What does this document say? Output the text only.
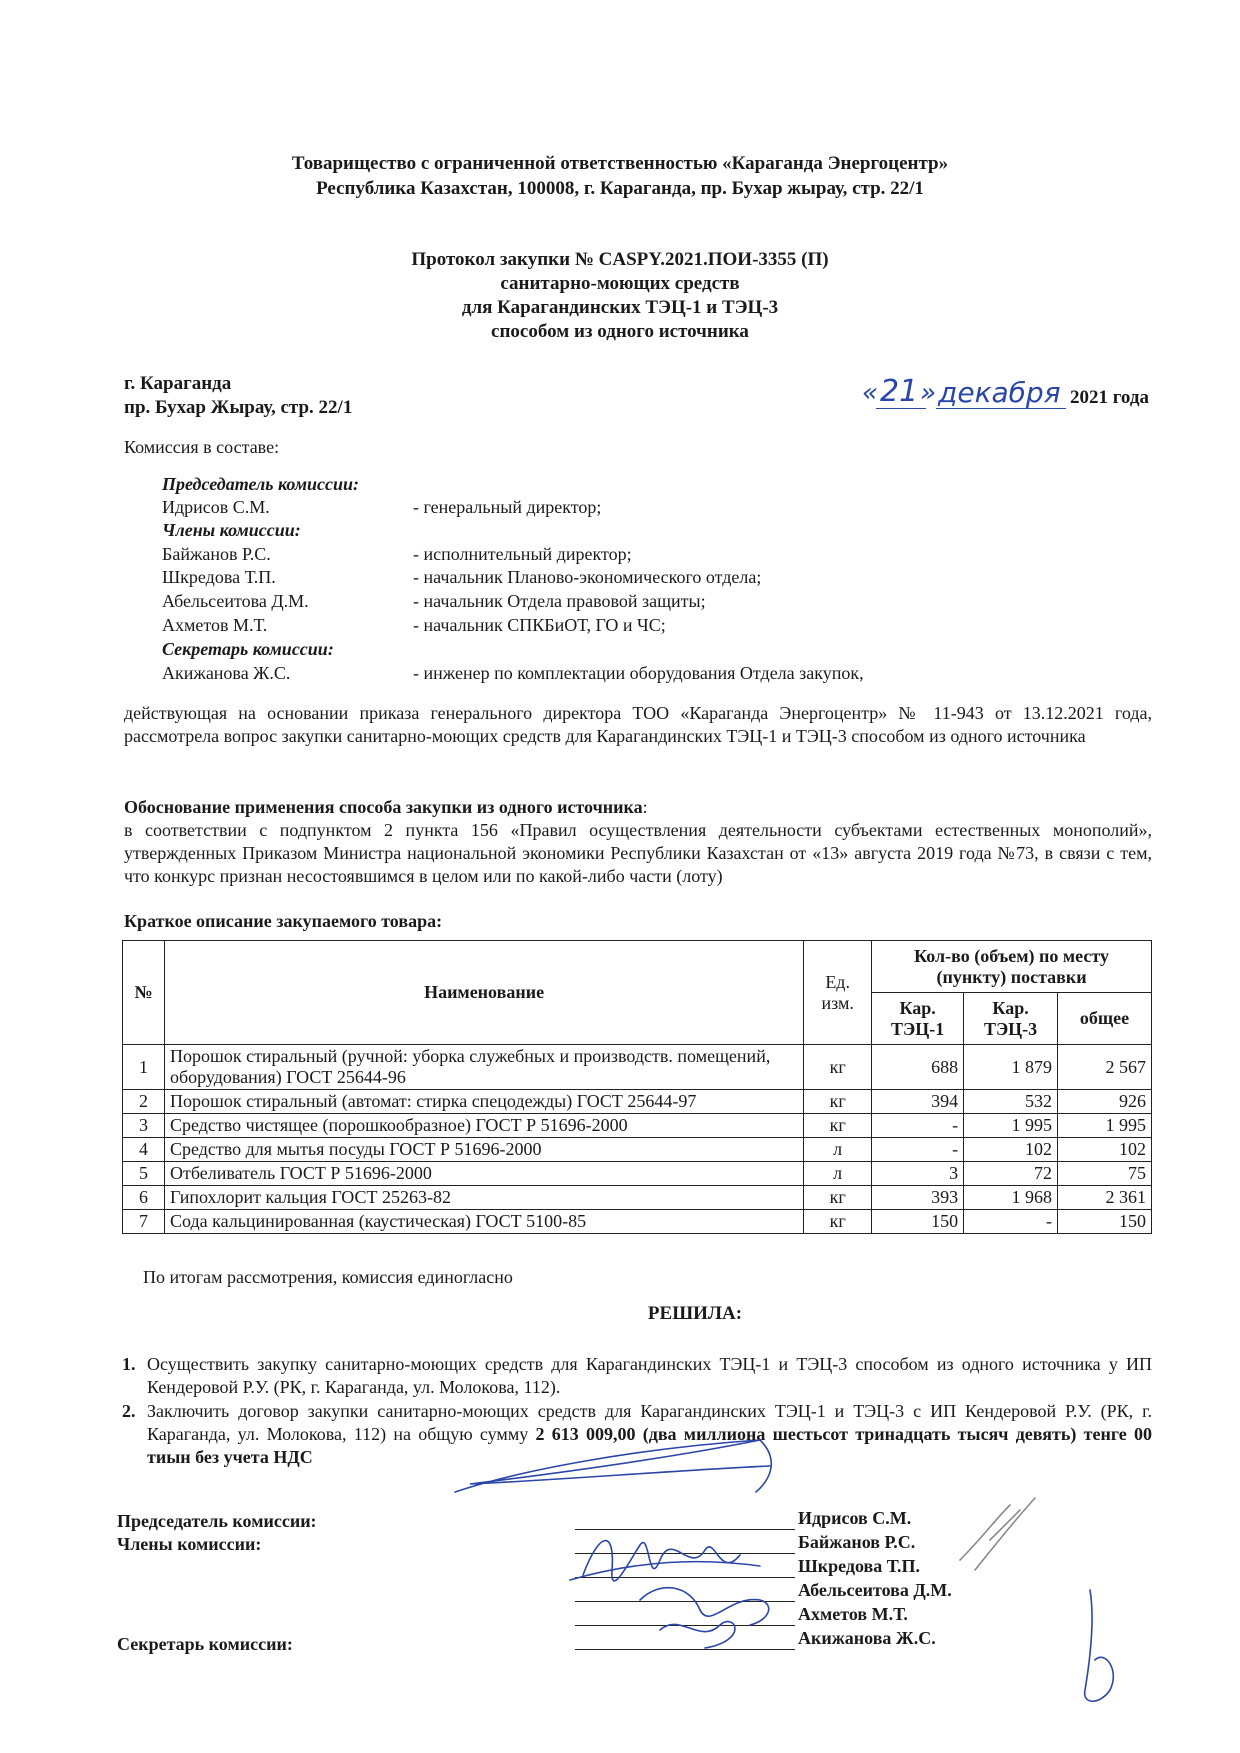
Товарищество с ограниченной ответственностью «Караганда Энергоцентр»
Республика Казахстан, 100008, г. Караганда, пр. Бухар жырау, стр. 22/1
Протокол закупки № CASPY.2021.ПОИ-3355 (П)
санитарно-моющих средств
для Карагандинских ТЭЦ-1 и ТЭЦ-3
способом из одного источника
г. Караганда
пр. Бухар Жырау, стр. 22/1	« 21 » декабря 2021 года
Комиссия в составе:
Председатель комиссии:
Идрисов С.М.	- генеральный директор;
Члены комиссии:
Байжанов Р.С.	- исполнительный директор;
Шкредова Т.П.	- начальник Планово-экономического отдела;
Абельсеитова Д.М.	- начальник Отдела правовой защиты;
Ахметов М.Т.	- начальник СПКБиОТ, ГО и ЧС;
Секретарь комиссии:
Акижанова Ж.С.	- инженер по комплектации оборудования Отдела закупок,
действующая на основании приказа генерального директора ТОО «Караганда Энергоцентр» № 11-943 от 13.12.2021 года, рассмотрела вопрос закупки санитарно-моющих средств для Карагандинских ТЭЦ-1 и ТЭЦ-3 способом из одного источника
Обоснование применения способа закупки из одного источника:
в соответствии с подпунктом 2 пункта 156 «Правил осуществления деятельности субъектами естественных монополий», утвержденных Приказом Министра национальной экономики Республики Казахстан от «13» августа 2019 года №73, в связи с тем, что конкурс признан несостоявшимся в целом или по какой-либо части (лоту)
Краткое описание закупаемого товара:
№	Наименование	Ед. изм.	Кол-во (объем) по месту (пункту) поставки		
			Кар. ТЭЦ-1	Кар. ТЭЦ-3	общее
1	Порошок стиральный (ручной: уборка служебных и производств. помещений, оборудования) ГОСТ 25644-96	кг	688	1 879	2 567
2	Порошок стиральный (автомат: стирка спецодежды) ГОСТ 25644-97	кг	394	532	926
3	Средство чистящее (порошкообразное) ГОСТ Р 51696-2000	кг	-	1 995	1 995
4	Средство для мытья посуды ГОСТ Р 51696-2000	л	-	102	102
5	Отбеливатель ГОСТ Р 51696-2000	л	3	72	75
6	Гипохлорит кальция ГОСТ 25263-82	кг	393	1 968	2 361
7	Сода кальцинированная (каустическая) ГОСТ 5100-85	кг	150	-	150
По итогам рассмотрения, комиссия единогласно
РЕШИЛА:
1. Осуществить закупку санитарно-моющих средств для Карагандинских ТЭЦ-1 и ТЭЦ-3 способом из одного источника у ИП Кендеровой Р.У. (РК, г. Караганда, ул. Молокова, 112).
2. Заключить договор закупки санитарно-моющих средств для Карагандинских ТЭЦ-1 и ТЭЦ-3 с ИП Кендеровой Р.У. (РК, г. Караганда, ул. Молокова, 112) на общую сумму 2 613 009,00 (два миллиона шестьсот тринадцать тысяч девять) тенге 00 тиын без учета НДС
Председатель комиссии:
Члены комиссии:
Секретарь комиссии:
Идрисов С.М.
Байжанов Р.С.
Шкредова Т.П.
Абельсеитова Д.М.
Ахметов М.Т.
Акижанова Ж.С.
